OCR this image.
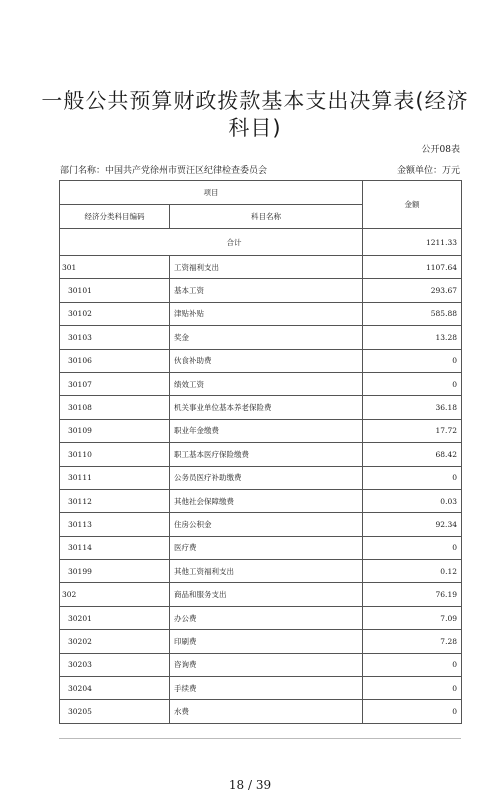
一般公共预算财政拨款基本支出决算表(经济科目)
公开08表
部门名称：中国共产党徐州市贾汪区纪律检查委员会	金额单位：万元
项目		金额
经济分类科目编码	科目名称	
合计		1211.33
301	工资福利支出	1107.64
30101	基本工资	293.67
30102	津贴补贴	585.88
30103	奖金	13.28
30106	伙食补助费	0
30107	绩效工资	0
30108	机关事业单位基本养老保险费	36.18
30109	职业年金缴费	17.72
30110	职工基本医疗保险缴费	68.42
30111	公务员医疗补助缴费	0
30112	其他社会保障缴费	0.03
30113	住房公积金	92.34
30114	医疗费	0
30199	其他工资福利支出	0.12
302	商品和服务支出	76.19
30201	办公费	7.09
30202	印刷费	7.28
30203	咨询费	0
30204	手续费	0
30205	水费	0
18 / 39
